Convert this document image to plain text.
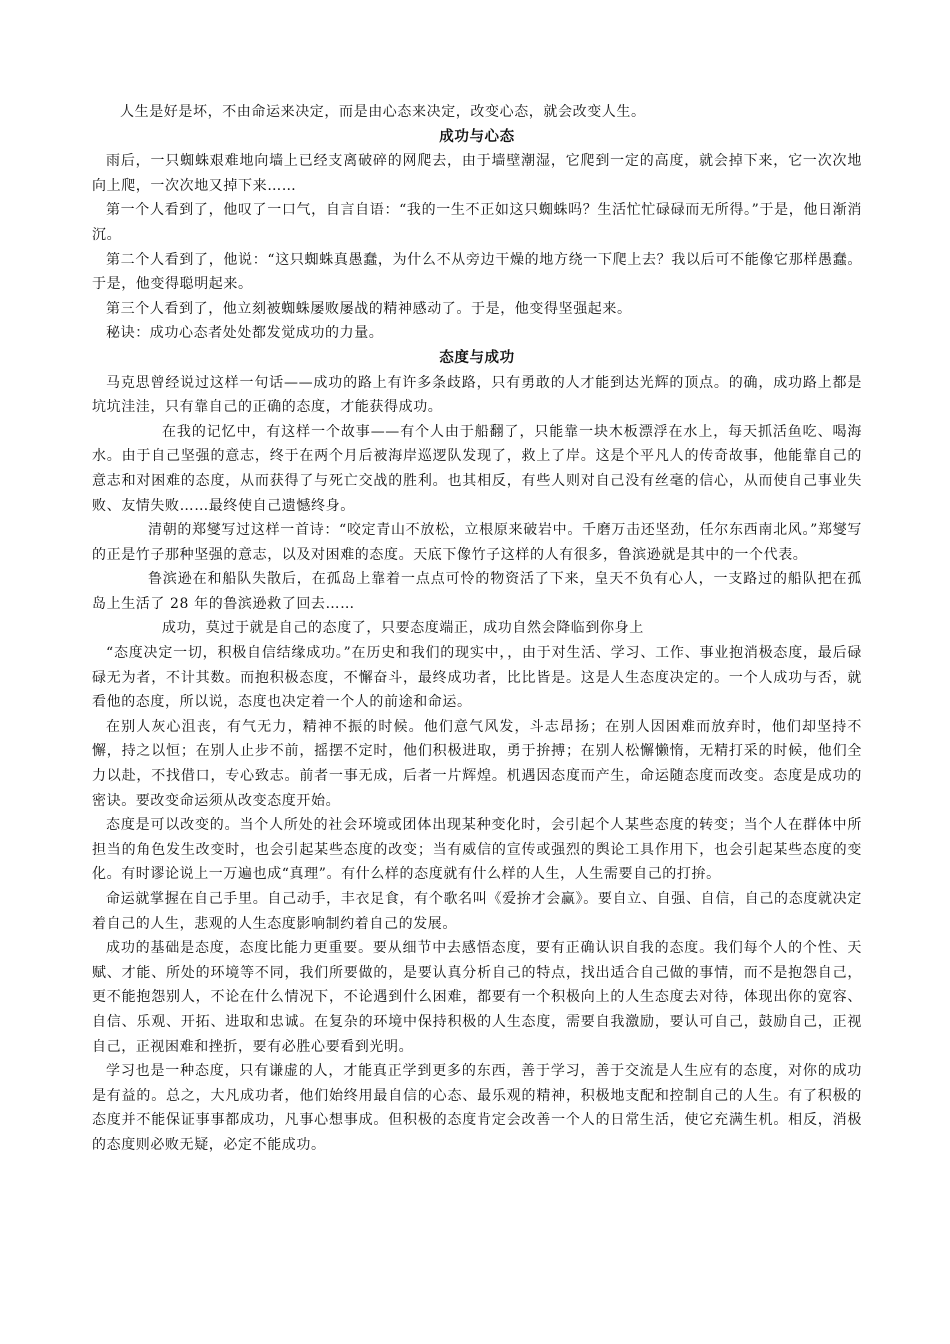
人生是好是坏，不由命运来决定，而是由心态来决定，改变心态，就会改变人生。

成功与心态

雨后，一只蜘蛛艰难地向墙上已经支离破碎的网爬去，由于墙壁潮湿，它爬到一定的高度，就会掉下来，它一次次地向上爬，一次次地又掉下来……

第一个人看到了，他叹了一口气，自言自语：“我的一生不正如这只蜘蛛吗？生活忙忙碌碌而无所得。”于是，他日渐消沉。

第二个人看到了，他说：“这只蜘蛛真愚蠢，为什么不从旁边干燥的地方绕一下爬上去？我以后可不能像它那样愚蠢。于是，他变得聪明起来。

第三个人看到了，他立刻被蜘蛛屡败屡战的精神感动了。于是，他变得坚强起来。

秘诀：成功心态者处处都发觉成功的力量。

态度与成功

马克思曾经说过这样一句话——成功的路上有许多条歧路，只有勇敢的人才能到达光辉的顶点。的确，成功路上都是坑坑洼洼，只有靠自己的正确的态度，才能获得成功。

在我的记忆中，有这样一个故事——有个人由于船翻了，只能靠一块木板漂浮在水上，每天抓活鱼吃、喝海水。由于自己坚强的意志，终于在两个月后被海岸巡逻队发现了，救上了岸。这是个平凡人的传奇故事，他能靠自己的意志和对困难的态度，从而获得了与死亡交战的胜利。也其相反，有些人则对自己没有丝毫的信心，从而使自己事业失败、友情失败……最终使自己遗憾终身。

清朝的郑燮写过这样一首诗：“咬定青山不放松，立根原来破岩中。千磨万击还坚劲，任尔东西南北风。”郑燮写的正是竹子那种坚强的意志，以及对困难的态度。天底下像竹子这样的人有很多，鲁滨逊就是其中的一个代表。

鲁滨逊在和船队失散后，在孤岛上靠着一点点可怜的物资活了下来，皇天不负有心人，一支路过的船队把在孤岛上生活了 28 年的鲁滨逊救了回去……

成功，莫过于就是自己的态度了，只要态度端正，成功自然会降临到你身上

“态度决定一切，积极自信结缘成功。”在历史和我们的现实中，，由于对生活、学习、工作、事业抱消极态度，最后碌碌无为者，不计其数。而抱积极态度，不懈奋斗，最终成功者，比比皆是。这是人生态度决定的。一个人成功与否，就看他的态度，所以说，态度也决定着一个人的前途和命运。

在别人灰心沮丧，有气无力，精神不振的时候。他们意气风发，斗志昂扬；在别人因困难而放弃时，他们却坚持不懈，持之以恒；在别人止步不前，摇摆不定时，他们积极进取，勇于拚搏；在别人松懈懒惰，无精打采的时候，他们全力以赴，不找借口，专心致志。前者一事无成，后者一片辉煌。机遇因态度而产生，命运随态度而改变。态度是成功的密诀。要改变命运须从改变态度开始。

态度是可以改变的。当个人所处的社会环境或团体出现某种变化时，会引起个人某些态度的转变；当个人在群体中所担当的角色发生改变时，也会引起某些态度的改变；当有威信的宣传或强烈的舆论工具作用下，也会引起某些态度的变化。有时谬论说上一万遍也成“真理”。有什么样的态度就有什么样的人生，人生需要自己的打拚。

命运就掌握在自己手里。自己动手，丰衣足食，有个歌名叫《爱拚才会赢》。要自立、自强、自信，自己的态度就决定着自己的人生，悲观的人生态度影响制约着自己的发展。

成功的基础是态度，态度比能力更重要。要从细节中去感悟态度，要有正确认识自我的态度。我们每个人的个性、天赋、才能、所处的环境等不同，我们所要做的，是要认真分析自己的特点，找出适合自己做的事情，而不是抱怨自己，更不能抱怨别人，不论在什么情况下，不论遇到什么困难，都要有一个积极向上的人生态度去对待，体现出你的宽容、自信、乐观、开拓、进取和忠诚。在复杂的环境中保持积极的人生态度，需要自我激励，要认可自己，鼓励自己，正视自己，正视困难和挫折，要有必胜心要看到光明。

学习也是一种态度，只有谦虚的人，才能真正学到更多的东西，善于学习，善于交流是人生应有的态度，对你的成功是有益的。总之，大凡成功者，他们始终用最自信的心态、最乐观的精神，积极地支配和控制自己的人生。有了积极的态度并不能保证事事都成功，凡事心想事成。但积极的态度肯定会改善一个人的日常生活，使它充满生机。相反，消极的态度则必败无疑，必定不能成功。
